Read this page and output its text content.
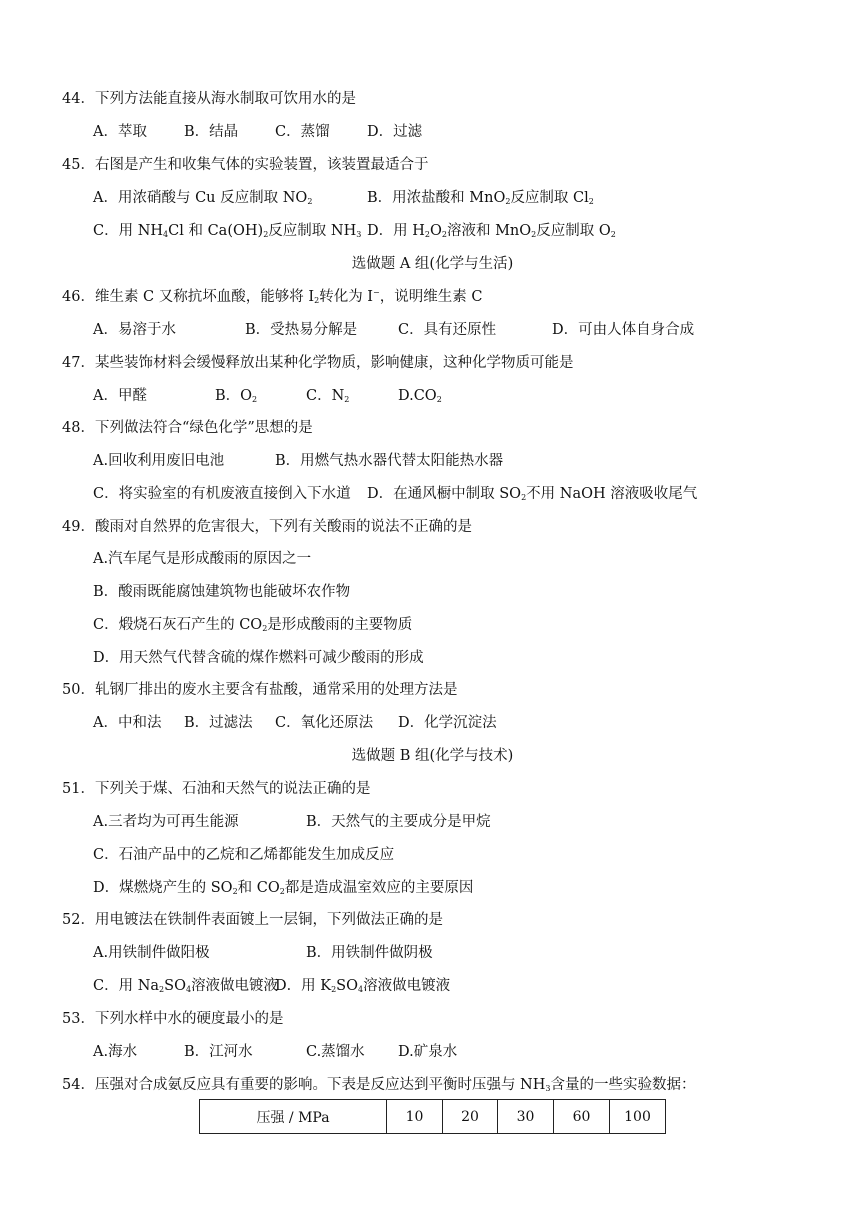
44．下列方法能直接从海水制取可饮用水的是
A．萃取	B．结晶	C．蒸馏	D．过滤
45．右图是产生和收集气体的实验装置，该装置最适合于
A．用浓硝酸与 Cu 反应制取 $NO_2$	B．用浓盐酸和 MnO$_2$反应制取 $Cl_2$
C．用 $NH_4Cl$ 和 $Ca(OH)_2$反应制取 $NH_3$ D．用 $H_2O_2$溶液和 MnO$_2$反应制取 $O_2$
选做题 A 组(化学与生活)
46．维生素 C 又称抗坏血酸，能够将 $I_2$转化为 I−，说明维生素 C
A．易溶于水	B．受热易分解是	C．具有还原性	D．可由人体自身合成
47．某些装饰材料会缓慢释放出某种化学物质，影响健康，这种化学物质可能是
A．甲醛	B．$O_2$	C．$N_2$	$D.CO_2$
48．下列做法符合“绿色化学”思想的是
A.回收利用废旧电池	B．用燃气热水器代替太阳能热水器
C．将实验室的有机废液直接倒入下水道 D．在通风橱中制取 $SO_2$不用 NaOH 溶液吸收尾气
49．酸雨对自然界的危害很大，下列有关酸雨的说法不正确的是
A.汽车尾气是形成酸雨的原因之一
B．酸雨既能腐蚀建筑物也能破坏农作物
C．煅烧石灰石产生的 $CO_2$是形成酸雨的主要物质
D．用天然气代替含硫的煤作燃料可减少酸雨的形成
50．轧钢厂排出的废水主要含有盐酸，通常采用的处理方法是
A．中和法 B．过滤法 C．氧化还原法 D．化学沉淀法
选做题 B 组(化学与技术)
51．下列关于煤、石油和天然气的说法正确的是
A.三者均为可再生能源	B．天然气的主要成分是甲烷
C．石油产品中的乙烷和乙烯都能发生加成反应
D．煤燃烧产生的 $SO_2$和 $CO_2$都是造成温室效应的主要原因
52．用电镀法在铁制件表面镀上一层铜，下列做法正确的是
A.用铁制件做阳极	B．用铁制件做阴极
C．用 $Na_2SO_4$溶液做电镀液
D．用 $K_2SO_4$溶液做电镀液
53．下列水样中水的硬度最小的是
A.海水	B．江河水	C.蒸馏水 D.矿泉水
54．压强对合成氨反应具有重要的影响。下表是反应达到平衡时压强与 $NH_3$含量的一些实验数据：
压强 / MPa	10	20	30	60	100
